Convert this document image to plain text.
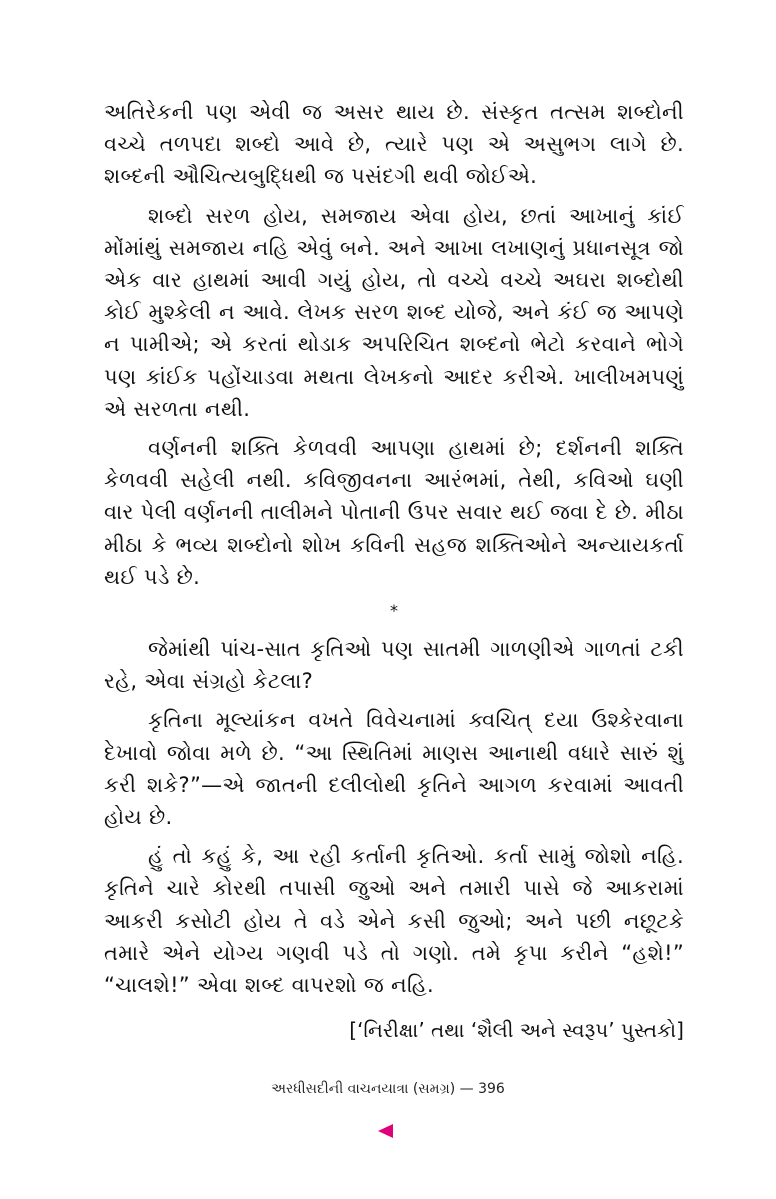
અતિરેકની પણ એવી જ અસર થાય છે. સંસ્કૃત તત્સમ શબ્દોની વચ્ચે તળપદા શબ્દો આવે છે, ત્યારે પણ એ અસુભગ લાગે છે. શબ્દની ઔચિત્યબુદ્ધિથી જ પસંદગી થવી જોઈએ.

શબ્દો સરળ હોય, સમજાય એવા હોય, છતાં આખાનું કાંઈ મોંમાંથું સમજાય નહિ એવું બને. અને આખા લખાણનું પ્રધાનસૂત્ર જો એક વાર હાથમાં આવી ગયું હોય, તો વચ્ચે વચ્ચે અઘરા શબ્દોથી કોઈ મુશ્કેલી ન આવે. લેખક સરળ શબ્દ યોજે, અને કંઈ જ આપણે ન પામીએ; એ કરતાં થોડાક અપરિચિત શબ્દનો ભેટો કરવાને ભોગે પણ કાંઈક પહોંચાડવા મથતા લેખકનો આદર કરીએ. ખાલીખમપણું એ સરળતા નથી.

વર્ણનની શક્તિ કેળવવી આપણા હાથમાં છે; દર્શનની શક્તિ કેળવવી સહેલી નથી. કવિજીવનના આરંભમાં, તેથી, કવિઓ ઘણી વાર પેલી વર્ણનની તાલીમને પોતાની ઉપર સવાર થઈ જવા દે છે. મીઠા મીઠા કે ભવ્ય શબ્દોનો શોખ કવિની સહજ શક્તિઓને અન્યાયકર્તા થઈ પડે છે.

*

જેમાંથી પાંચ-સાત કૃતિઓ પણ સાતમી ગાળણીએ ગાળતાં ટકી રહે, એવા સંગ્રહો કેટલા?

કૃતિના મૂલ્યાંકન વખતે વિવેચનામાં ક્વચિત્ દયા ઉશ્કેરવાના દેખાવો જોવા મળે છે. “આ સ્થિતિમાં માણસ આનાથી વધારે સારું શું કરી શકે?”—એ જાતની દલીલોથી કૃતિને આગળ કરવામાં આવતી હોય છે.

હું તો કહું કે, આ રહી કર્તાની કૃતિઓ. કર્તા સામું જોશો નહિ. કૃતિને ચારે કોરથી તપાસી જુઓ અને તમારી પાસે જે આકરામાં આકરી કસોટી હોય તે વડે એને કસી જુઓ; અને પછી નછૂટકે તમારે એને યોગ્ય ગણવી પડે તો ગણો. તમે કૃપા કરીને “હશે!” “ચાલશે!” એવા શબ્દ વાપરશો જ નહિ.

[‘નિરીક્ષા’ તથા ‘શૈલી અને સ્વરૂપ’ પુસ્તકો]
અરધીસદીની વાચનયાત્રા (સમગ્ર) — 396
